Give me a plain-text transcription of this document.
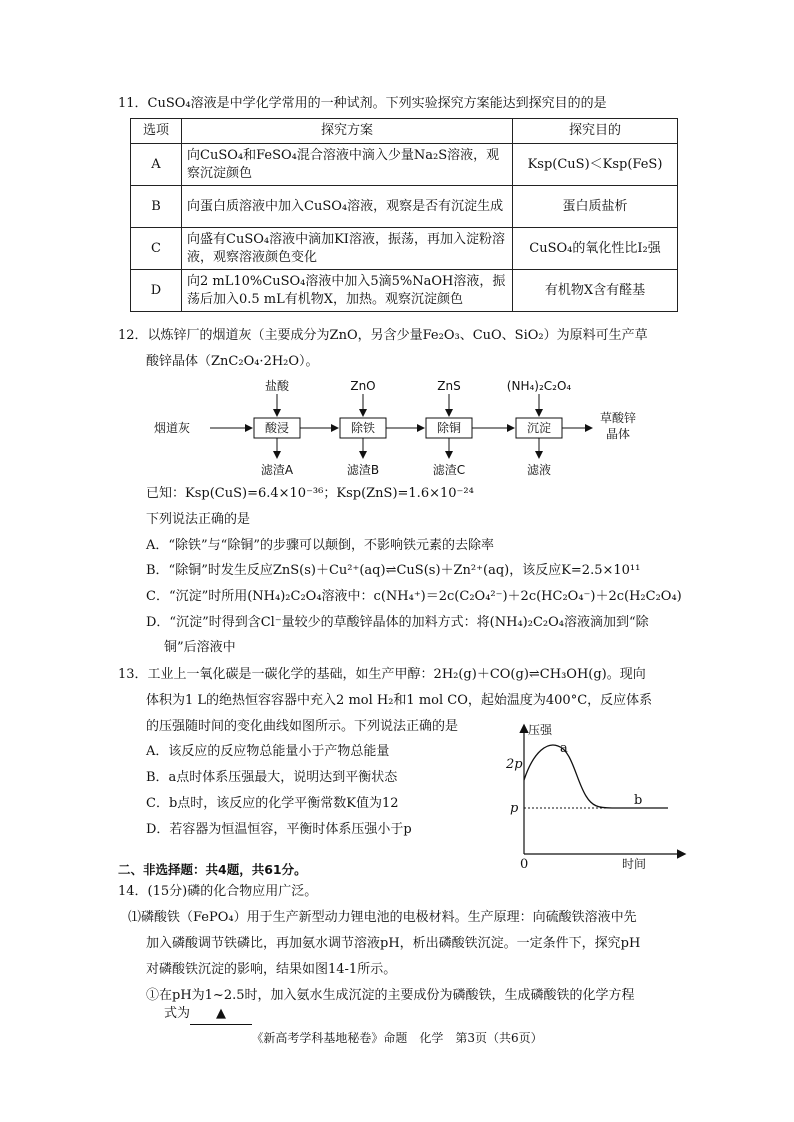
11．CuSO₄溶液是中学化学常用的一种试剂。下列实验探究方案能达到探究目的的是
选项	探究方案	探究目的
A	向CuSO₄和FeSO₄混合溶液中滴入少量Na₂S溶液，观察沉淀颜色	Ksp(CuS)＜Ksp(FeS)
B	向蛋白质溶液中加入CuSO₄溶液，观察是否有沉淀生成	蛋白质盐析
C	向盛有CuSO₄溶液中滴加KI溶液，振荡，再加入淀粉溶液，观察溶液颜色变化	CuSO₄的氧化性比I₂强
D	向2 mL10%CuSO₄溶液中加入5滴5%NaOH溶液，振荡后加入0.5 mL有机物X，加热。观察沉淀颜色	有机物X含有醛基
12．以炼锌厂的烟道灰（主要成分为ZnO，另含少量Fe₂O₃、CuO、SiO₂）为原料可生产草
酸锌晶体（ZnC₂O₄·2H₂O）。
烟道灰	酸浸	除铁	除铜	沉淀
盐酸	ZnO	ZnS	(NH₄)₂C₂O₄
滤渣A	滤渣B	滤渣C	滤液
草酸锌
晶体
已知：Ksp(CuS)=6.4×10⁻³⁶；Ksp(ZnS)=1.6×10⁻²⁴
下列说法正确的是
A．“除铁”与“除铜”的步骤可以颠倒，不影响铁元素的去除率
B．“除铜”时发生反应ZnS(s)＋Cu²⁺(aq)⇌CuS(s)＋Zn²⁺(aq)，该反应K=2.5×10¹¹
C．“沉淀”时所用(NH₄)₂C₂O₄溶液中：c(NH₄⁺)＝2c(C₂O₄²⁻)＋2c(HC₂O₄⁻)＋2c(H₂C₂O₄)
D．“沉淀”时得到含Cl⁻量较少的草酸锌晶体的加料方式：将(NH₄)₂C₂O₄溶液滴加到“除
铜”后溶液中
13．工业上一氧化碳是一碳化学的基础，如生产甲醇：2H₂(g)＋CO(g)⇌CH₃OH(g)。现向
体积为1 L的绝热恒容容器中充入2 mol H₂和1 mol CO，起始温度为400°C，反应体系
的压强随时间的变化曲线如图所示。下列说法正确的是
A．该反应的反应物总能量小于产物总能量
B．a点时体系压强最大，说明达到平衡状态
C．b点时，该反应的化学平衡常数K值为12
D．若容器为恒温恒容，平衡时体系压强小于p
压强
2p
p
a
b
0	时间
二、非选择题：共4题，共61分。
14．(15分)磷的化合物应用广泛。
⑴磷酸铁（FePO₄）用于生产新型动力锂电池的电极材料。生产原理：向硫酸铁溶液中先
加入磷酸调节铁磷比，再加氨水调节溶液pH，析出磷酸铁沉淀。一定条件下，探究pH
对磷酸铁沉淀的影响，结果如图14-1所示。
①在pH为1~2.5时，加入氨水生成沉淀的主要成份为磷酸铁，生成磷酸铁的化学方程
式为 ▲
《新高考学科基地秘卷》命题　化学　第3页（共6页）
